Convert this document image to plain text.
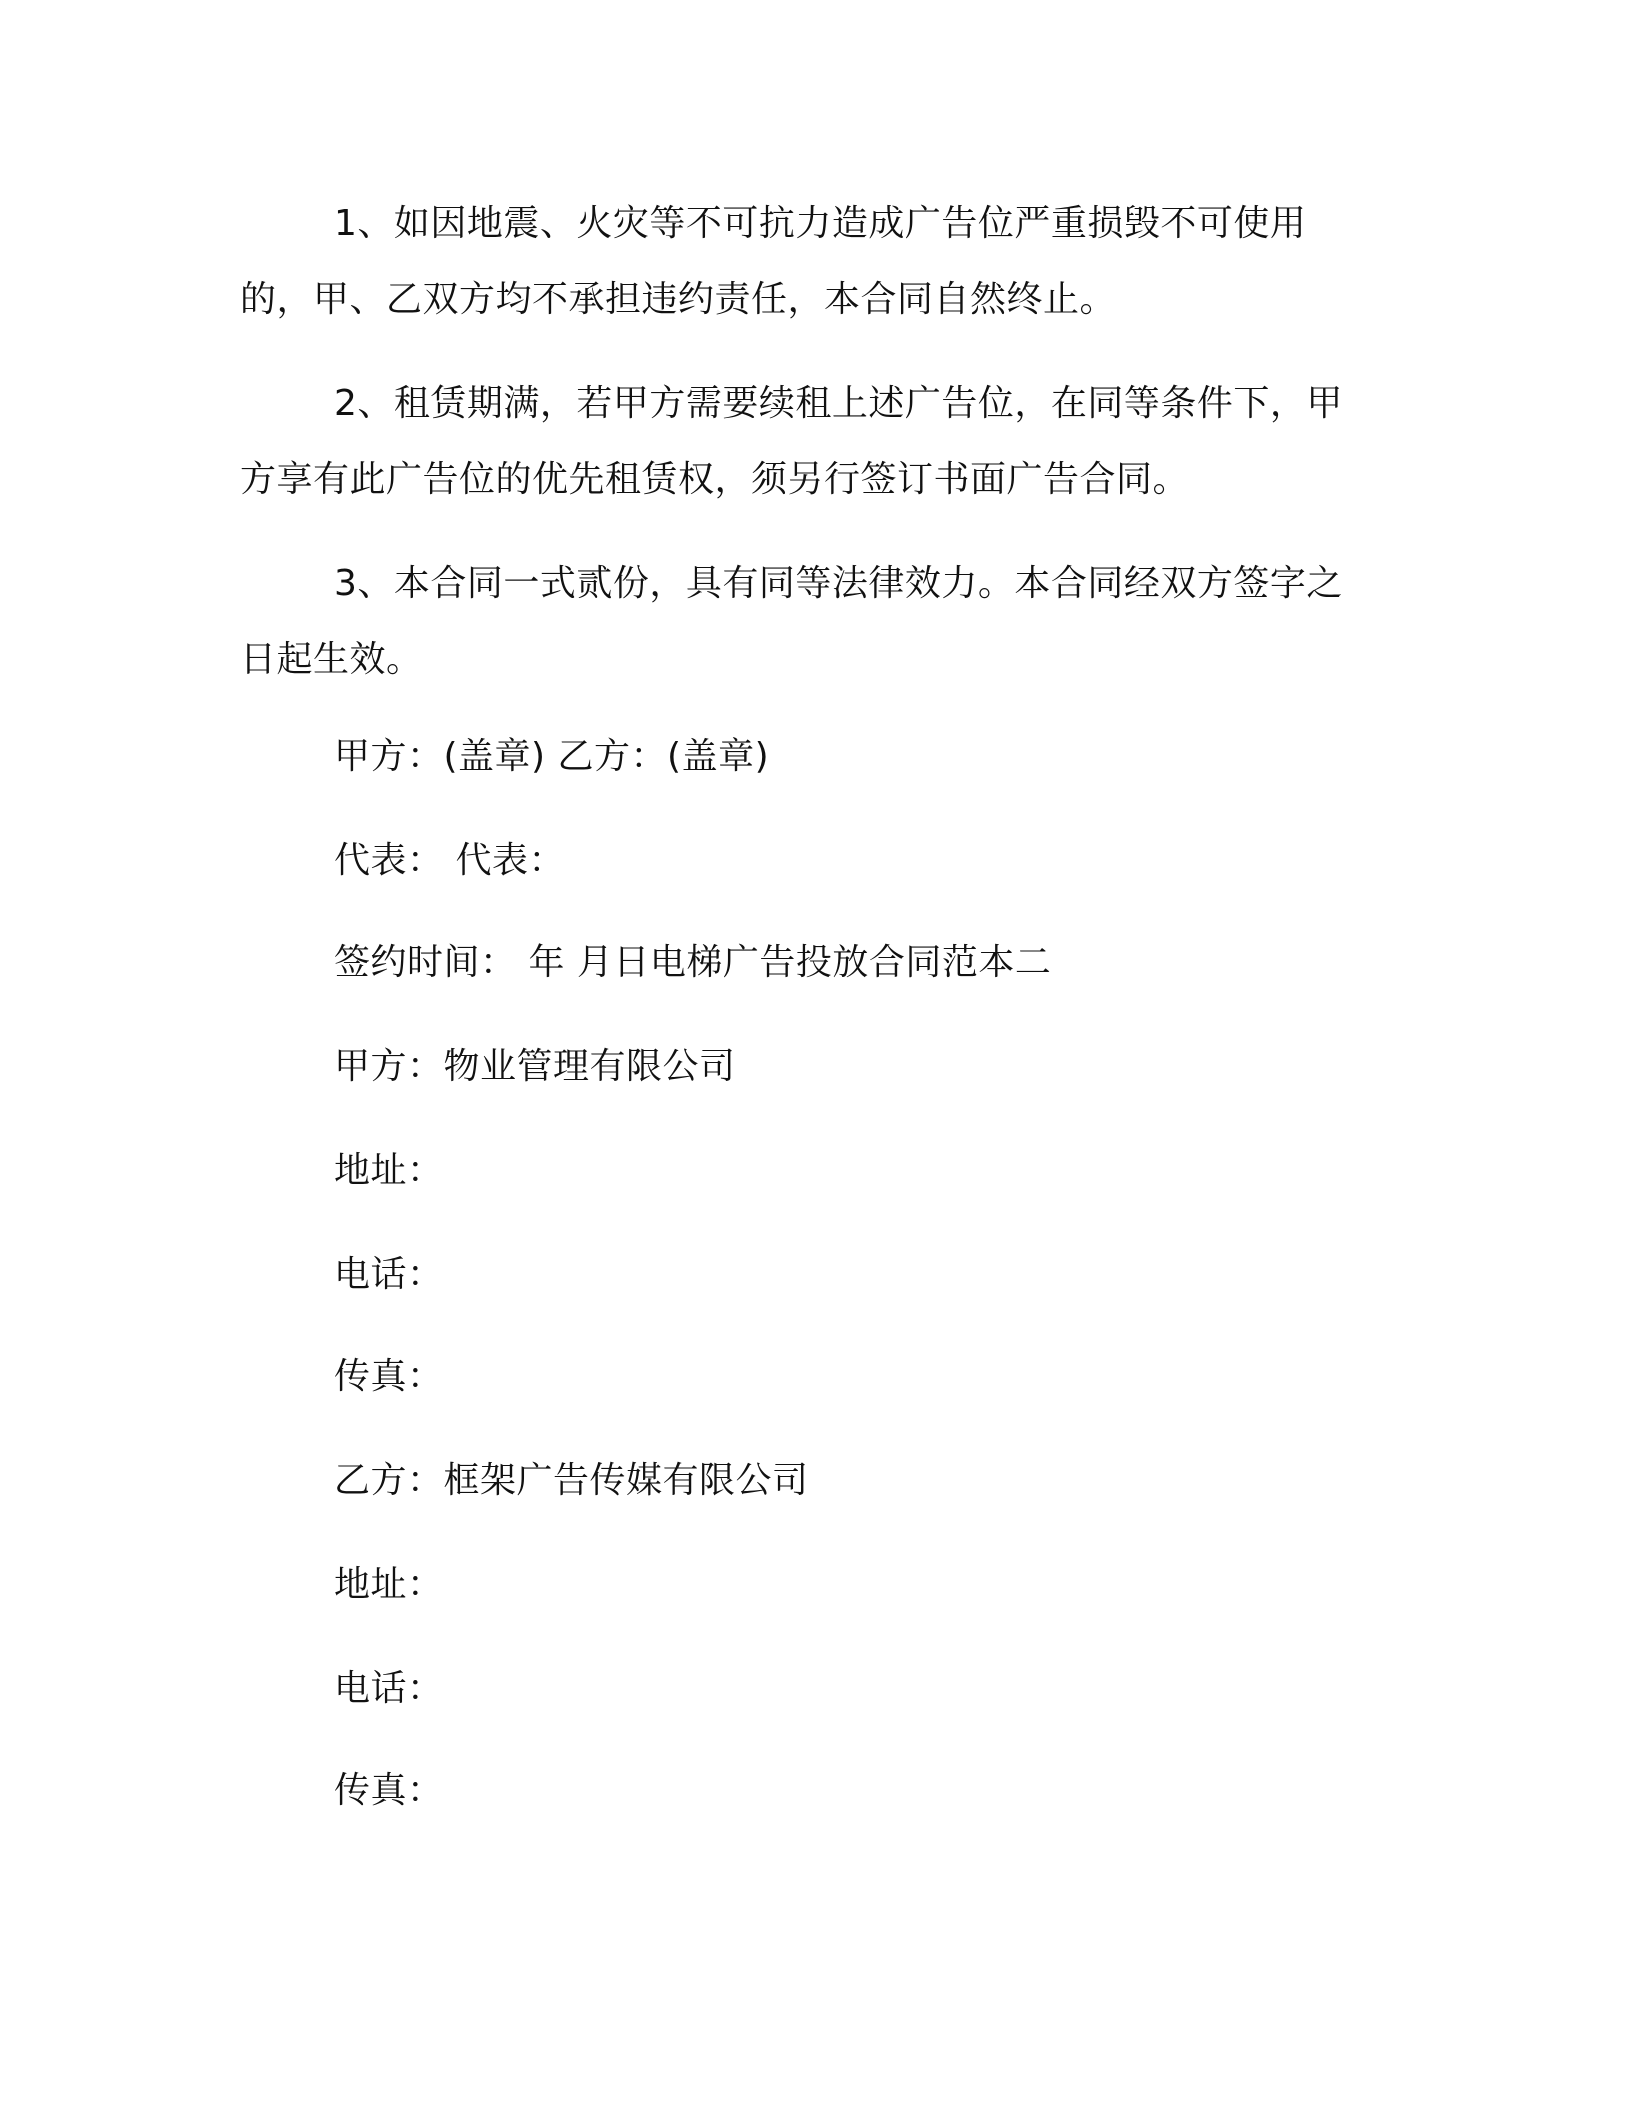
1、如因地震、火灾等不可抗力造成广告位严重损毁不可使用的，甲、乙双方均不承担违约责任，本合同自然终止。

2、租赁期满，若甲方需要续租上述广告位，在同等条件下，甲方享有此广告位的优先租赁权，须另行签订书面广告合同。

3、本合同一式贰份，具有同等法律效力。本合同经双方签字之日起生效。

甲方：(盖章) 乙方：(盖章)

代表： 代表：

签约时间： 年 月日电梯广告投放合同范本二

甲方：物业管理有限公司

地址：

电话：

传真：

乙方：框架广告传媒有限公司

地址：

电话：

传真：
